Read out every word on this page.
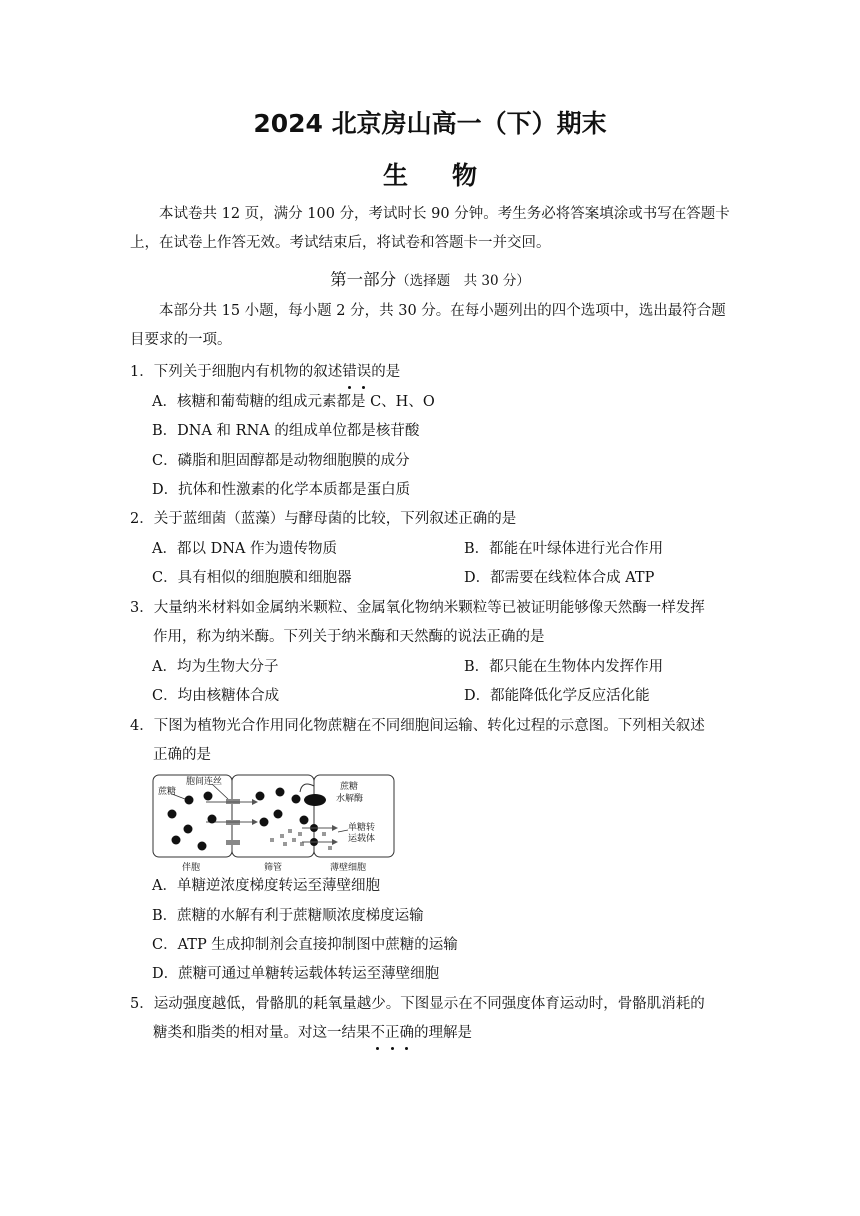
2024 北京房山高一（下）期末
生物
本试卷共 12 页，满分 100 分，考试时长 90 分钟。考生务必将答案填涂或书写在答题卡
上，在试卷上作答无效。考试结束后，将试卷和答题卡一并交回。
第一部分（选择题　共 30 分）
本部分共 15 小题，每小题 2 分，共 30 分。在每小题列出的四个选项中，选出最符合题
目要求的一项。
1．下列关于细胞内有机物的叙述错误的是
A．核糖和葡萄糖的组成元素都是 C、H、O
B．DNA 和 RNA 的组成单位都是核苷酸
C．磷脂和胆固醇都是动物细胞膜的成分
D．抗体和性激素的化学本质都是蛋白质
2．关于蓝细菌（蓝藻）与酵母菌的比较，下列叙述正确的是
A．都以 DNA 作为遗传物质	B．都能在叶绿体进行光合作用
C．具有相似的细胞膜和细胞器	D．都需要在线粒体合成 ATP
3．大量纳米材料如金属纳米颗粒、金属氧化物纳米颗粒等已被证明能够像天然酶一样发挥
作用，称为纳米酶。下列关于纳米酶和天然酶的说法正确的是
A．均为生物大分子	B．都只能在生物体内发挥作用
C．均由核糖体合成	D．都能降低化学反应活化能
4．下图为植物光合作用同化物蔗糖在不同细胞间运输、转化过程的示意图。下列相关叙述
正确的是
蔗糖
胞间连丝	蔗糖
水解酶
单糖转
运载体
伴胞	筛管	薄壁细胞
A．单糖逆浓度梯度转运至薄壁细胞
B．蔗糖的水解有利于蔗糖顺浓度梯度运输
C．ATP 生成抑制剂会直接抑制图中蔗糖的运输
D．蔗糖可通过单糖转运载体转运至薄壁细胞
5．运动强度越低，骨骼肌的耗氧量越少。下图显示在不同强度体育运动时，骨骼肌消耗的
糖类和脂类的相对量。对这一结果不正确的理解是
